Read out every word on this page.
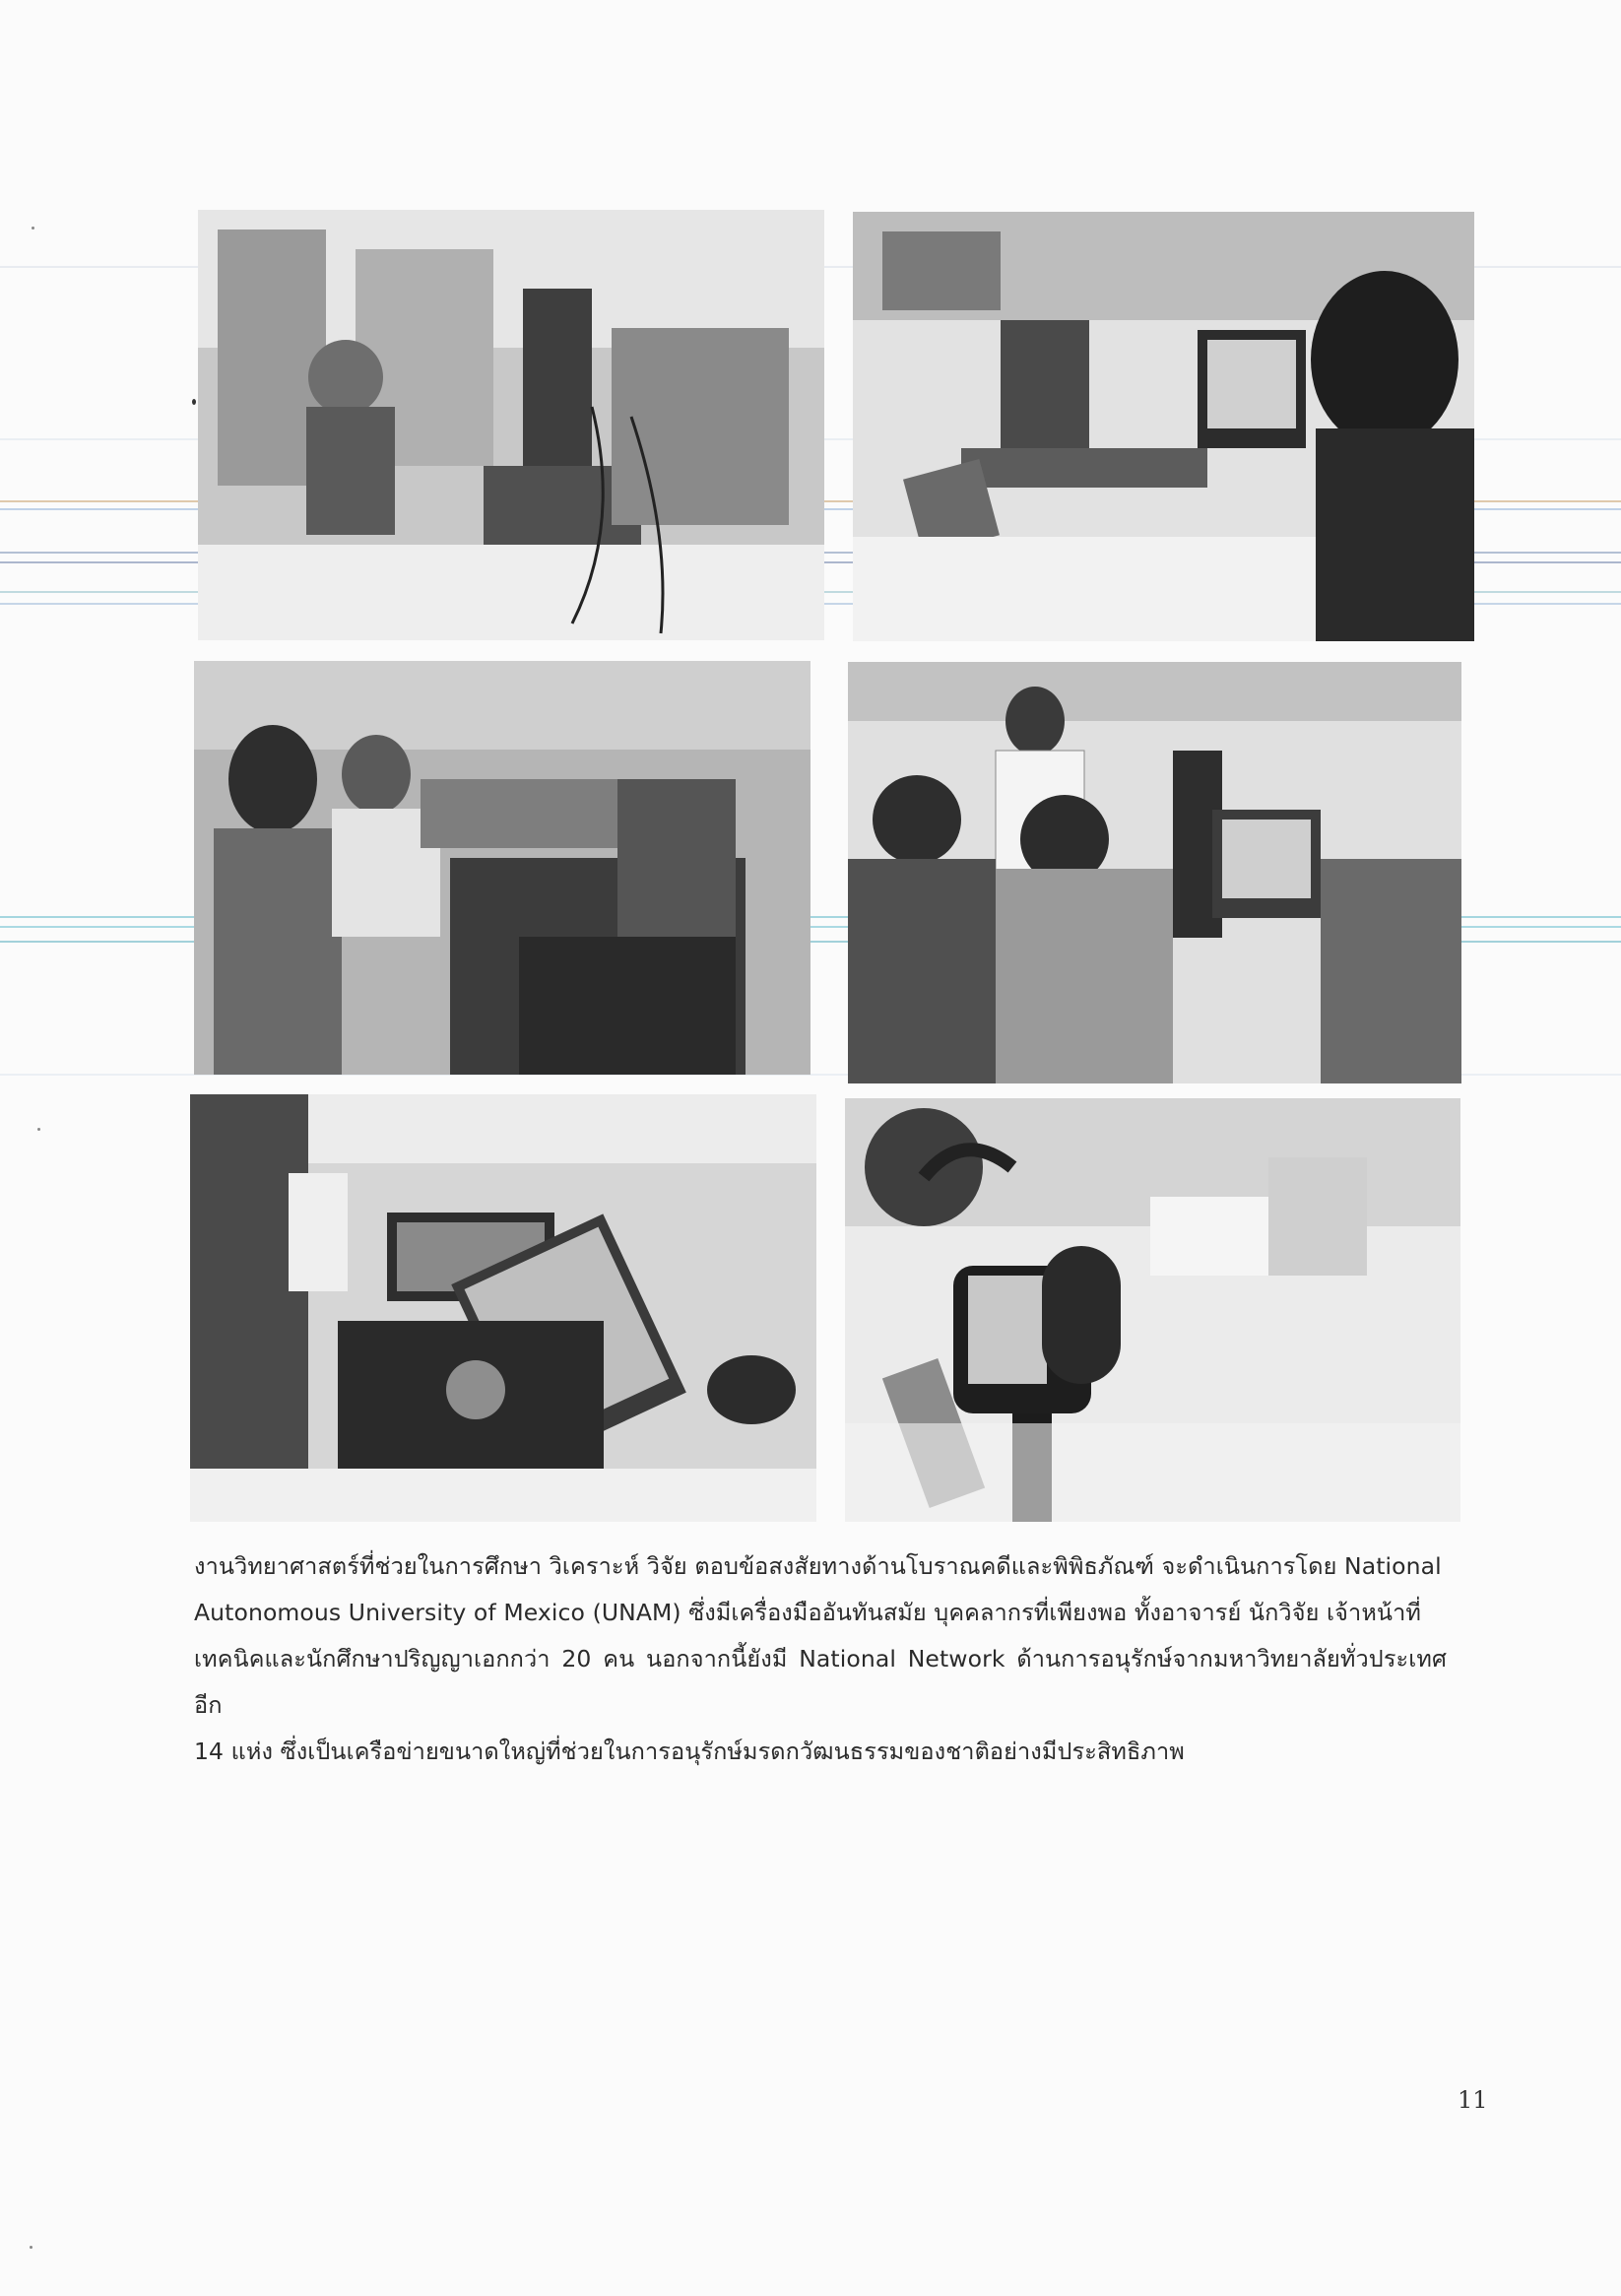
งานวิทยาศาสตร์ที่ช่วยในการศึกษา วิเคราะห์ วิจัย ตอบข้อสงสัยทางด้านโบราณคดีและพิพิธภัณฑ์ จะดำเนินการโดย National
Autonomous University of Mexico (UNAM) ซึ่งมีเครื่องมืออันทันสมัย บุคคลากรที่เพียงพอ ทั้งอาจารย์ นักวิจัย เจ้าหน้าที่
เทคนิคและนักศึกษาปริญญาเอกกว่า 20 คน นอกจากนี้ยังมี National Network ด้านการอนุรักษ์จากมหาวิทยาลัยทั่วประเทศอีก
14 แห่ง ซึ่งเป็นเครือข่ายขนาดใหญ่ที่ช่วยในการอนุรักษ์มรดกวัฒนธรรมของชาติอย่างมีประสิทธิภาพ
11
